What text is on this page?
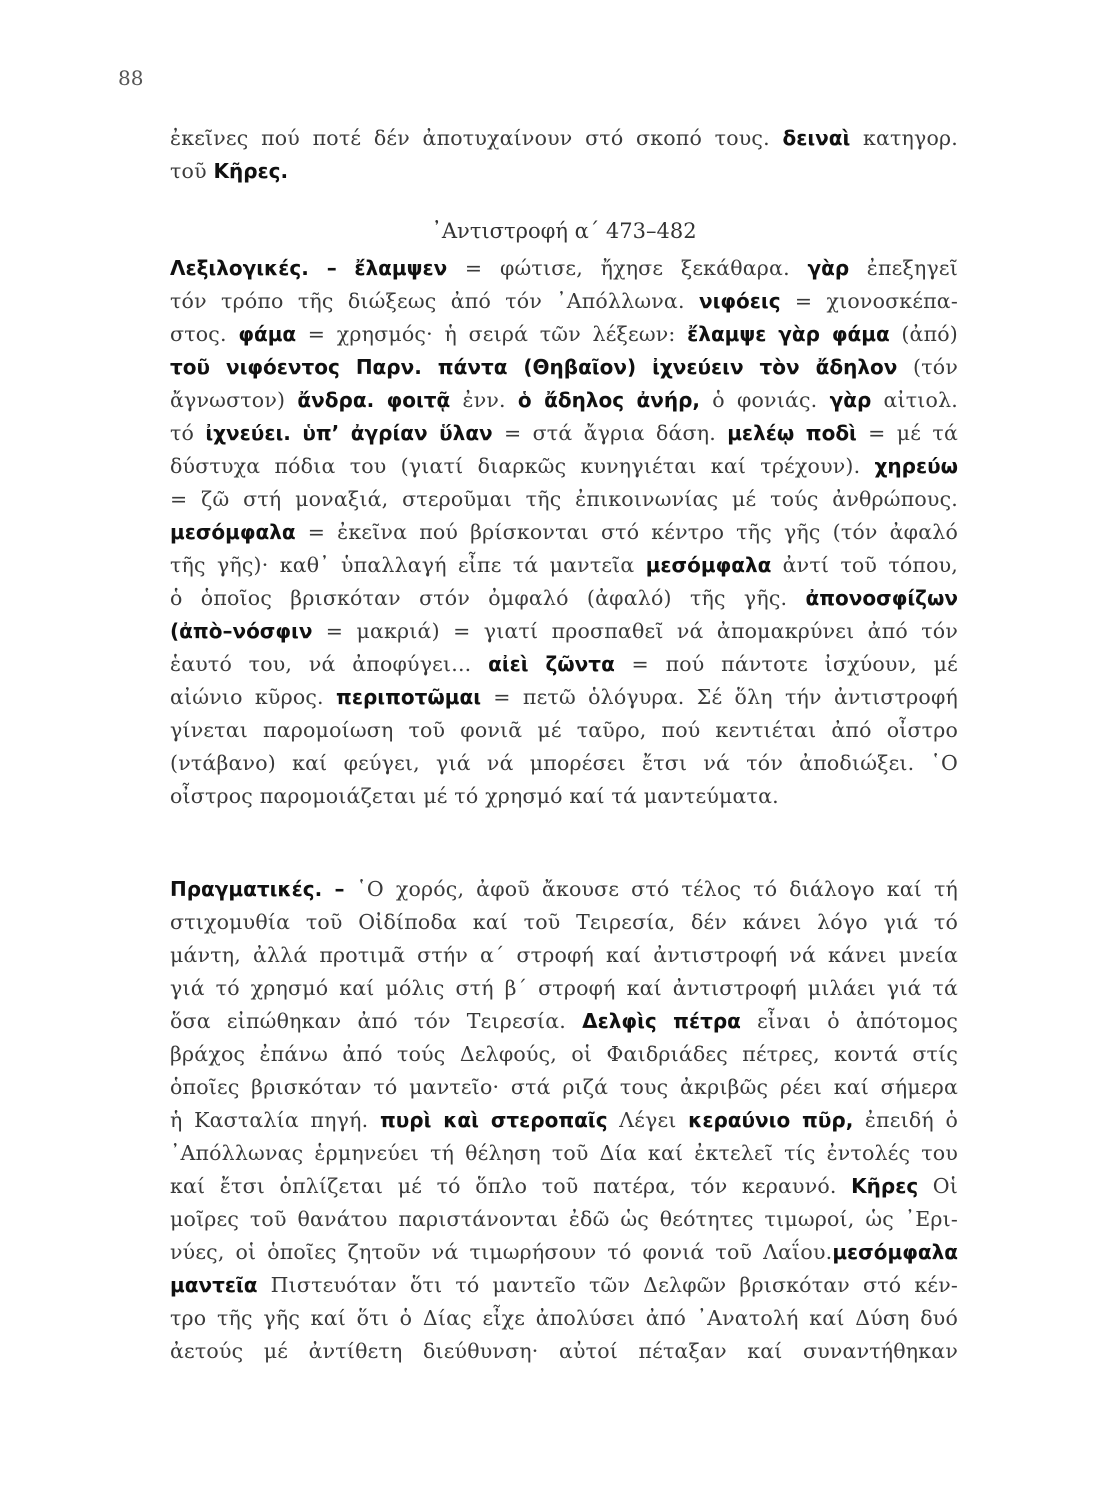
88
ἐκεῖνες πού ποτέ δέν ἀποτυχαίνουν στό σκοπό τους. δειναὶ κατηγορ.
τοῦ Κῆρες.
᾿Αντιστροφή α΄ 473–482
Λεξιλογικές. – ἔλαμψεν = φώτισε, ἤχησε ξεκάθαρα. γὰρ ἐπεξηγεῖ
τόν τρόπο τῆς διώξεως ἀπό τόν ᾿Απόλλωνα. νιφόεις = χιονοσκέπα-
στος. φάμα = χρησμός· ἡ σειρά τῶν λέξεων: ἔλαμψε γὰρ φάμα (ἀπό)
τοῦ νιφόεντος Παρν. πάντα (Θηβαῖον) ἰχνεύειν τὸν ἄδηλον (τόν
ἄγνωστον) ἄνδρα. φοιτᾷ ἐνν. ὁ ἄδηλος ἀνήρ, ὁ φονιάς. γὰρ αἰτιολ.
τό ἰχνεύει. ὑπ’ ἀγρίαν ὕλαν = στά ἄγρια δάση. μελέῳ ποδὶ = μέ τά
δύστυχα πόδια του (γιατί διαρκῶς κυνηγιέται καί τρέχουν). χηρεύω
= ζῶ στή μοναξιά, στεροῦμαι τῆς ἐπικοινωνίας μέ τούς ἀνθρώπους.
μεσόμφαλα = ἐκεῖνα πού βρίσκονται στό κέντρο τῆς γῆς (τόν ἀφαλό
τῆς γῆς)· καθ᾽ ὑπαλλαγή εἶπε τά μαντεῖα μεσόμφαλα ἀντί τοῦ τόπου,
ὁ ὁποῖος βρισκόταν στόν ὀμφαλό (ἀφαλό) τῆς γῆς. ἀπονοσφίζων
(ἀπὸ–νόσφιν = μακριά) = γιατί προσπαθεῖ νά ἀπομακρύνει ἀπό τόν
ἑαυτό του, νά ἀποφύγει... αἰεὶ ζῶντα = πού πάντοτε ἰσχύουν, μέ
αἰώνιο κῦρος. περιποτῶμαι = πετῶ ὁλόγυρα. Σέ ὅλη τήν ἀντιστροφή
γίνεται παρομοίωση τοῦ φονιᾶ μέ ταῦρο, πού κεντιέται ἀπό οἶστρο
(ντάβανο) καί φεύγει, γιά νά μπορέσει ἔτσι νά τόν ἀποδιώξει. ῾Ο
οἶστρος παρομοιάζεται μέ τό χρησμό καί τά μαντεύματα.
Πραγματικές. – ῾Ο χορός, ἀφοῦ ἄκουσε στό τέλος τό διάλογο καί τή
στιχομυθία τοῦ Οἰδίποδα καί τοῦ Τειρεσία, δέν κάνει λόγο γιά τό
μάντη, ἀλλά προτιμᾶ στήν α΄ στροφή καί ἀντιστροφή νά κάνει μνεία
γιά τό χρησμό καί μόλις στή β΄ στροφή καί ἀντιστροφή μιλάει γιά τά
ὅσα εἰπώθηκαν ἀπό τόν Τειρεσία. Δελφὶς πέτρα εἶναι ὁ ἀπότομος
βράχος ἐπάνω ἀπό τούς Δελφούς, οἱ Φαιδριάδες πέτρες, κοντά στίς
ὁποῖες βρισκόταν τό μαντεῖο· στά ριζά τους ἀκριβῶς ρέει καί σήμερα
ἡ Κασταλία πηγή. πυρὶ καὶ στεροπαῖς Λέγει κεραύνιο πῦρ, ἐπειδή ὁ
᾿Απόλλωνας ἑρμηνεύει τή θέληση τοῦ Δία καί ἐκτελεῖ τίς ἐντολές του
καί ἔτσι ὁπλίζεται μέ τό ὅπλο τοῦ πατέρα, τόν κεραυνό. Κῆρες Οἱ
μοῖρες τοῦ θανάτου παριστάνονται ἐδῶ ὡς θεότητες τιμωροί, ὡς ᾿Ερι-
νύες, οἱ ὁποῖες ζητοῦν νά τιμωρήσουν τό φονιά τοῦ Λαΐου.μεσόμφαλα
μαντεῖα Πιστευόταν ὅτι τό μαντεῖο τῶν Δελφῶν βρισκόταν στό κέν-
τρο τῆς γῆς καί ὅτι ὁ Δίας εἶχε ἀπολύσει ἀπό ᾿Ανατολή καί Δύση δυό
ἀετούς μέ ἀντίθετη διεύθυνση· αὐτοί πέταξαν καί συναντήθηκαν
